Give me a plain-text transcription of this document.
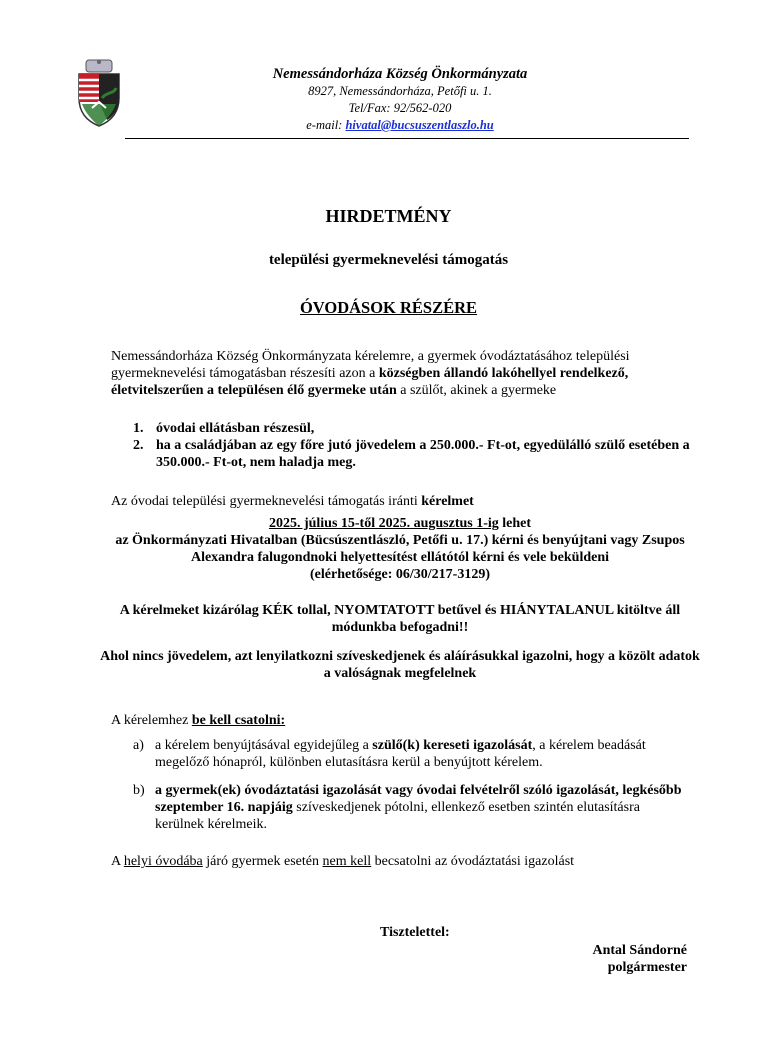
Nemessándorháza Község Önkormányzata
8927, Nemessándorháza, Petőfi u. 1.
Tel/Fax: 92/562-020
e-mail: hivatal@bucsuszentlaszlo.hu
HIRDETMÉNY
települési gyermeknevelési támogatás
ÓVODÁSOK RÉSZÉRE
Nemessándorháza Község Önkormányzata kérelemre, a gyermek óvodáztatásához települési gyermeknevelési támogatásban részesíti azon a községben állandó lakóhellyel rendelkező, életvitelszerűen a településen élő gyermeke után a szülőt, akinek a gyermeke
1. óvodai ellátásban részesül,
2. ha a családjában az egy főre jutó jövedelem a 250.000.- Ft-ot, egyedülálló szülő esetében a 350.000.- Ft-ot, nem haladja meg.
Az óvodai települési gyermeknevelési támogatás iránti kérelmet
2025. július 15-től 2025. augusztus 1-ig lehet
az Önkormányzati Hivatalban (Bücsúszentlászló, Petőfi u. 17.) kérni és benyújtani vagy Zsupos Alexandra falugondnoki helyettesítést ellátótól kérni és vele beküldeni
(elérhetősége: 06/30/217-3129)
A kérelmeket kizárólag KÉK tollal, NYOMTATOTT betűvel és HIÁNYTALANUL kitöltve áll módunkba befogadni!!
Ahol nincs jövedelem, azt lenyilatkozni szíveskedjenek és aláírásukkal igazolni, hogy a közölt adatok a valóságnak megfelelnek
A kérelemhez be kell csatolni:
a) a kérelem benyújtásával egyidejűleg a szülő(k) kereseti igazolását, a kérelem beadását megelőző hónapról, különben elutasításra kerül a benyújtott kérelem.
b) a gyermek(ek) óvodáztatási igazolását vagy óvodai felvételről szóló igazolását, legkésőbb szeptember 16. napjáig szíveskedjenek pótolni, ellenkező esetben szintén elutasításra kerülnek kérelmeik.
A helyi óvodába járó gyermek esetén nem kell becsatolni az óvodáztatási igazolást
Tisztelettel:
Antal Sándorné
polgármester
